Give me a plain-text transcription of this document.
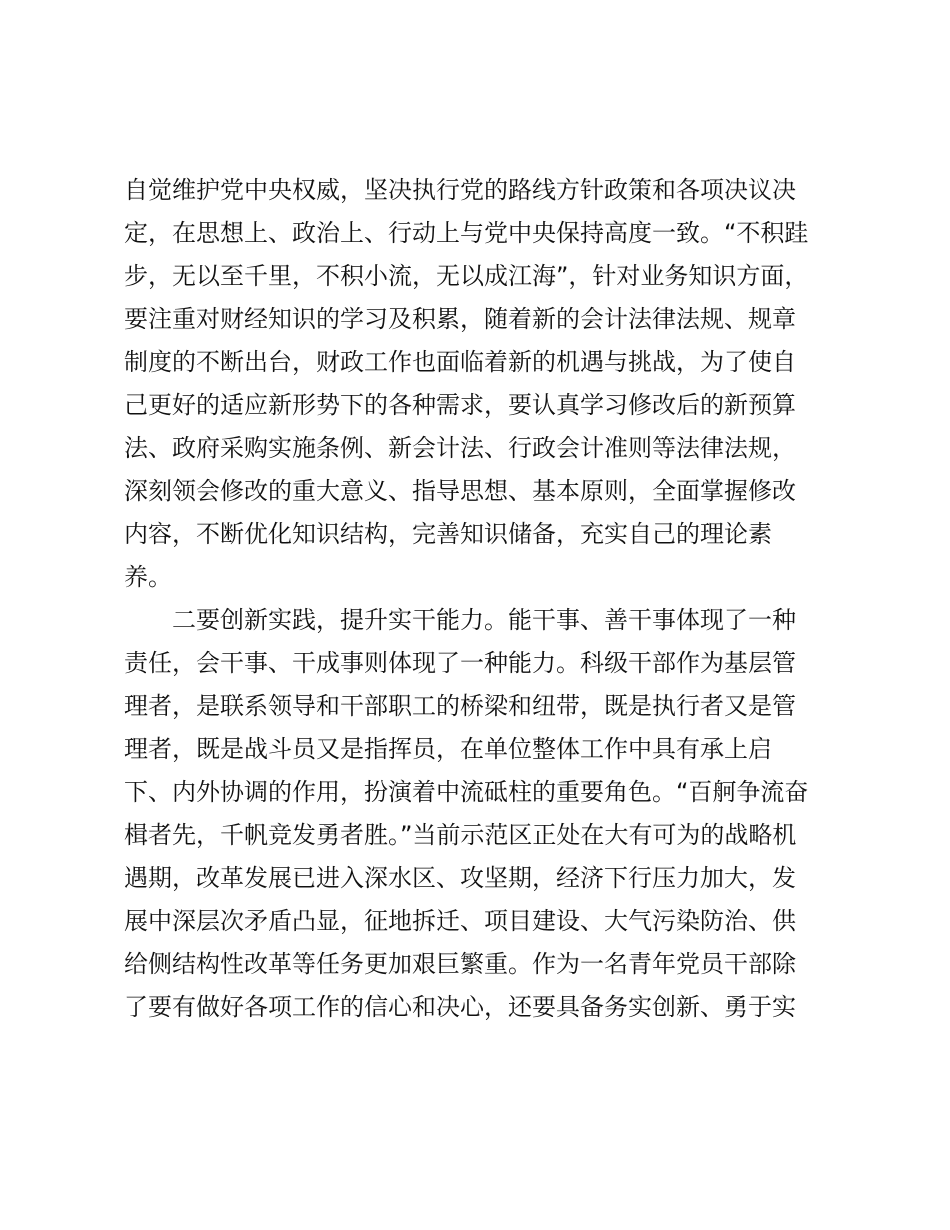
自觉维护党中央权威，坚决执行党的路线方针政策和各项决议决
定，在思想上、政治上、行动上与党中央保持高度一致。“不积跬
步，无以至千里，不积小流，无以成江海”，针对业务知识方面，
要注重对财经知识的学习及积累，随着新的会计法律法规、规章
制度的不断出台，财政工作也面临着新的机遇与挑战，为了使自
己更好的适应新形势下的各种需求，要认真学习修改后的新预算
法、政府采购实施条例、新会计法、行政会计准则等法律法规，
深刻领会修改的重大意义、指导思想、基本原则，全面掌握修改
内容，不断优化知识结构，完善知识储备，充实自己的理论素
养。
二要创新实践，提升实干能力。能干事、善干事体现了一种
责任，会干事、干成事则体现了一种能力。科级干部作为基层管
理者，是联系领导和干部职工的桥梁和纽带，既是执行者又是管
理者，既是战斗员又是指挥员，在单位整体工作中具有承上启
下、内外协调的作用，扮演着中流砥柱的重要角色。“百舸争流奋
楫者先，千帆竞发勇者胜。”当前示范区正处在大有可为的战略机
遇期，改革发展已进入深水区、攻坚期，经济下行压力加大，发
展中深层次矛盾凸显，征地拆迁、项目建设、大气污染防治、供
给侧结构性改革等任务更加艰巨繁重。作为一名青年党员干部除
了要有做好各项工作的信心和决心，还要具备务实创新、勇于实
